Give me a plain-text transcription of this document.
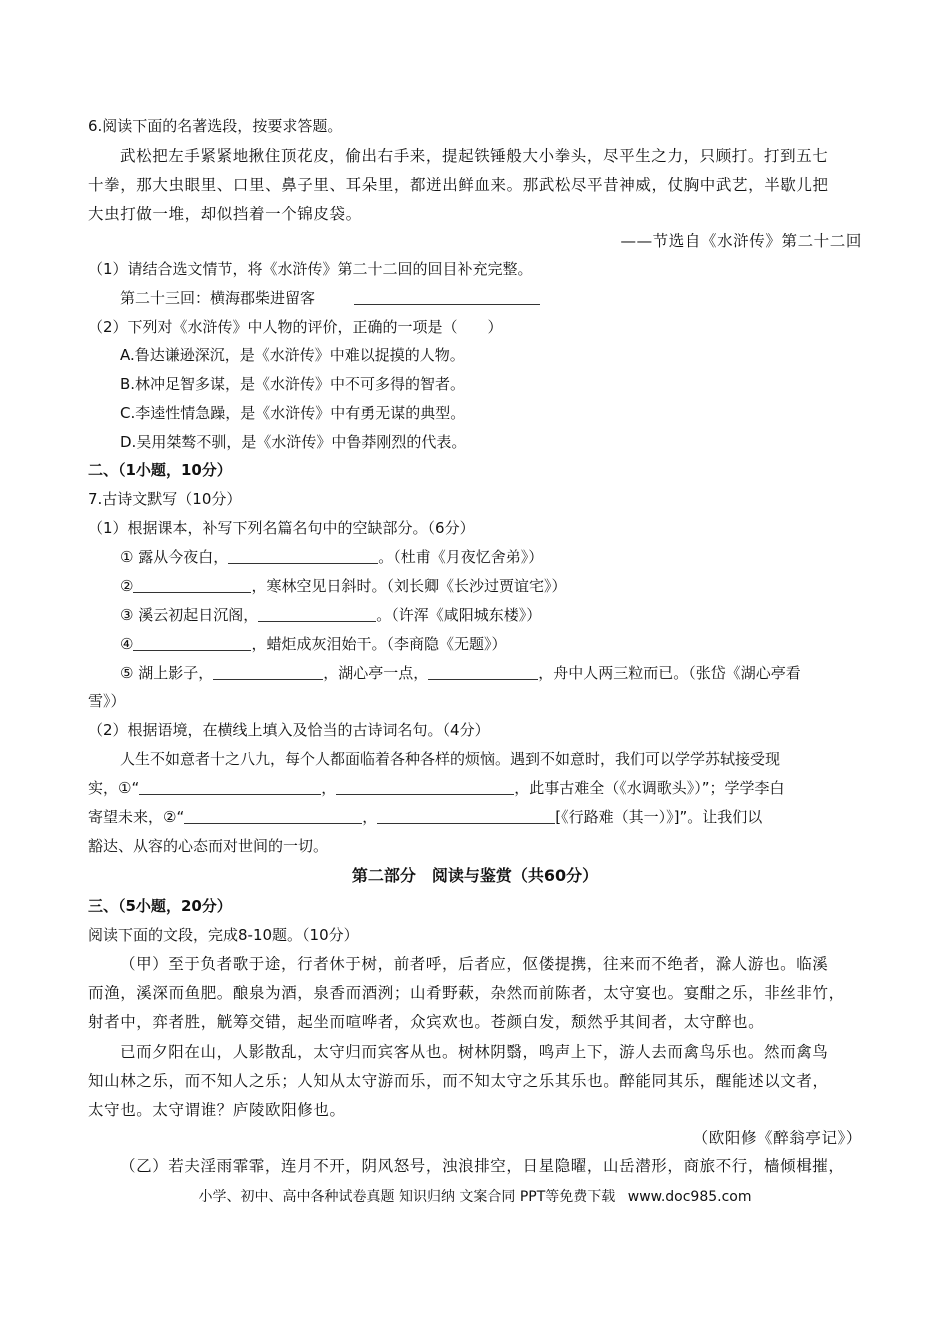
6.阅读下面的名著选段，按要求答题。
武松把左手紧紧地揪住顶花皮，偷出右手来，提起铁锤般大小拳头，尽平生之力，只顾打。打到五七
十拳，那大虫眼里、口里、鼻子里、耳朵里，都迸出鲜血来。那武松尽平昔神威，仗胸中武艺，半歇儿把
大虫打做一堆，却似挡着一个锦皮袋。
——节选自《水浒传》第二十二回
（1）请结合选文情节，将《水浒传》第二十二回的回目补充完整。
第二十三回：横海郡柴进留客
（2）下列对《水浒传》中人物的评价，正确的一项是（　　）
A.鲁达谦逊深沉，是《水浒传》中难以捉摸的人物。
B.林冲足智多谋，是《水浒传》中不可多得的智者。
C.李逵性情急躁，是《水浒传》中有勇无谋的典型。
D.吴用桀骜不驯，是《水浒传》中鲁莽刚烈的代表。
二、（1小题，10分）
7.古诗文默写（10分）
（1）根据课本，补写下列名篇名句中的空缺部分。（6分）
① 露从今夜白，	。（杜甫《月夜忆舍弟》）
②	，寒林空见日斜时。（刘长卿《长沙过贾谊宅》）
③ 溪云初起日沉阁，	。（许浑《咸阳城东楼》）
④	，蜡炬成灰泪始干。（李商隐《无题》）
⑤ 湖上影子，	，湖心亭一点，	，舟中人两三粒而已。（张岱《湖心亭看
雪》）
（2）根据语境，在横线上填入及恰当的古诗词名句。（4分）
人生不如意者十之八九，每个人都面临着各种各样的烦恼。遇到不如意时，我们可以学学苏轼接受现
实，①“	，	，此事古难全（《水调歌头》）”；学学李白
寄望未来，②“	，	[《行路难（其一）》]”。让我们以
豁达、从容的心态而对世间的一切。
第二部分　阅读与鉴赏（共60分）
三、（5小题，20分）
阅读下面的文段，完成8-10题。（10分）
（甲）至于负者歌于途，行者休于树，前者呼，后者应，伛偻提携，往来而不绝者，滁人游也。临溪
而渔，溪深而鱼肥。酿泉为酒，泉香而酒洌；山肴野蔌，杂然而前陈者，太守宴也。宴酣之乐，非丝非竹，
射者中，弈者胜，觥筹交错，起坐而喧哗者，众宾欢也。苍颜白发，颓然乎其间者，太守醉也。
已而夕阳在山，人影散乱，太守归而宾客从也。树林阴翳，鸣声上下，游人去而禽鸟乐也。然而禽鸟
知山林之乐，而不知人之乐；人知从太守游而乐，而不知太守之乐其乐也。醉能同其乐，醒能述以文者，
太守也。太守谓谁？庐陵欧阳修也。
（欧阳修《醉翁亭记》）
（乙）若夫淫雨霏霏，连月不开，阴风怒号，浊浪排空，日星隐曜，山岳潜形，商旅不行，樯倾楫摧，
小学、初中、高中各种试卷真题 知识归纳 文案合同 PPT等免费下载 www.doc985.com
